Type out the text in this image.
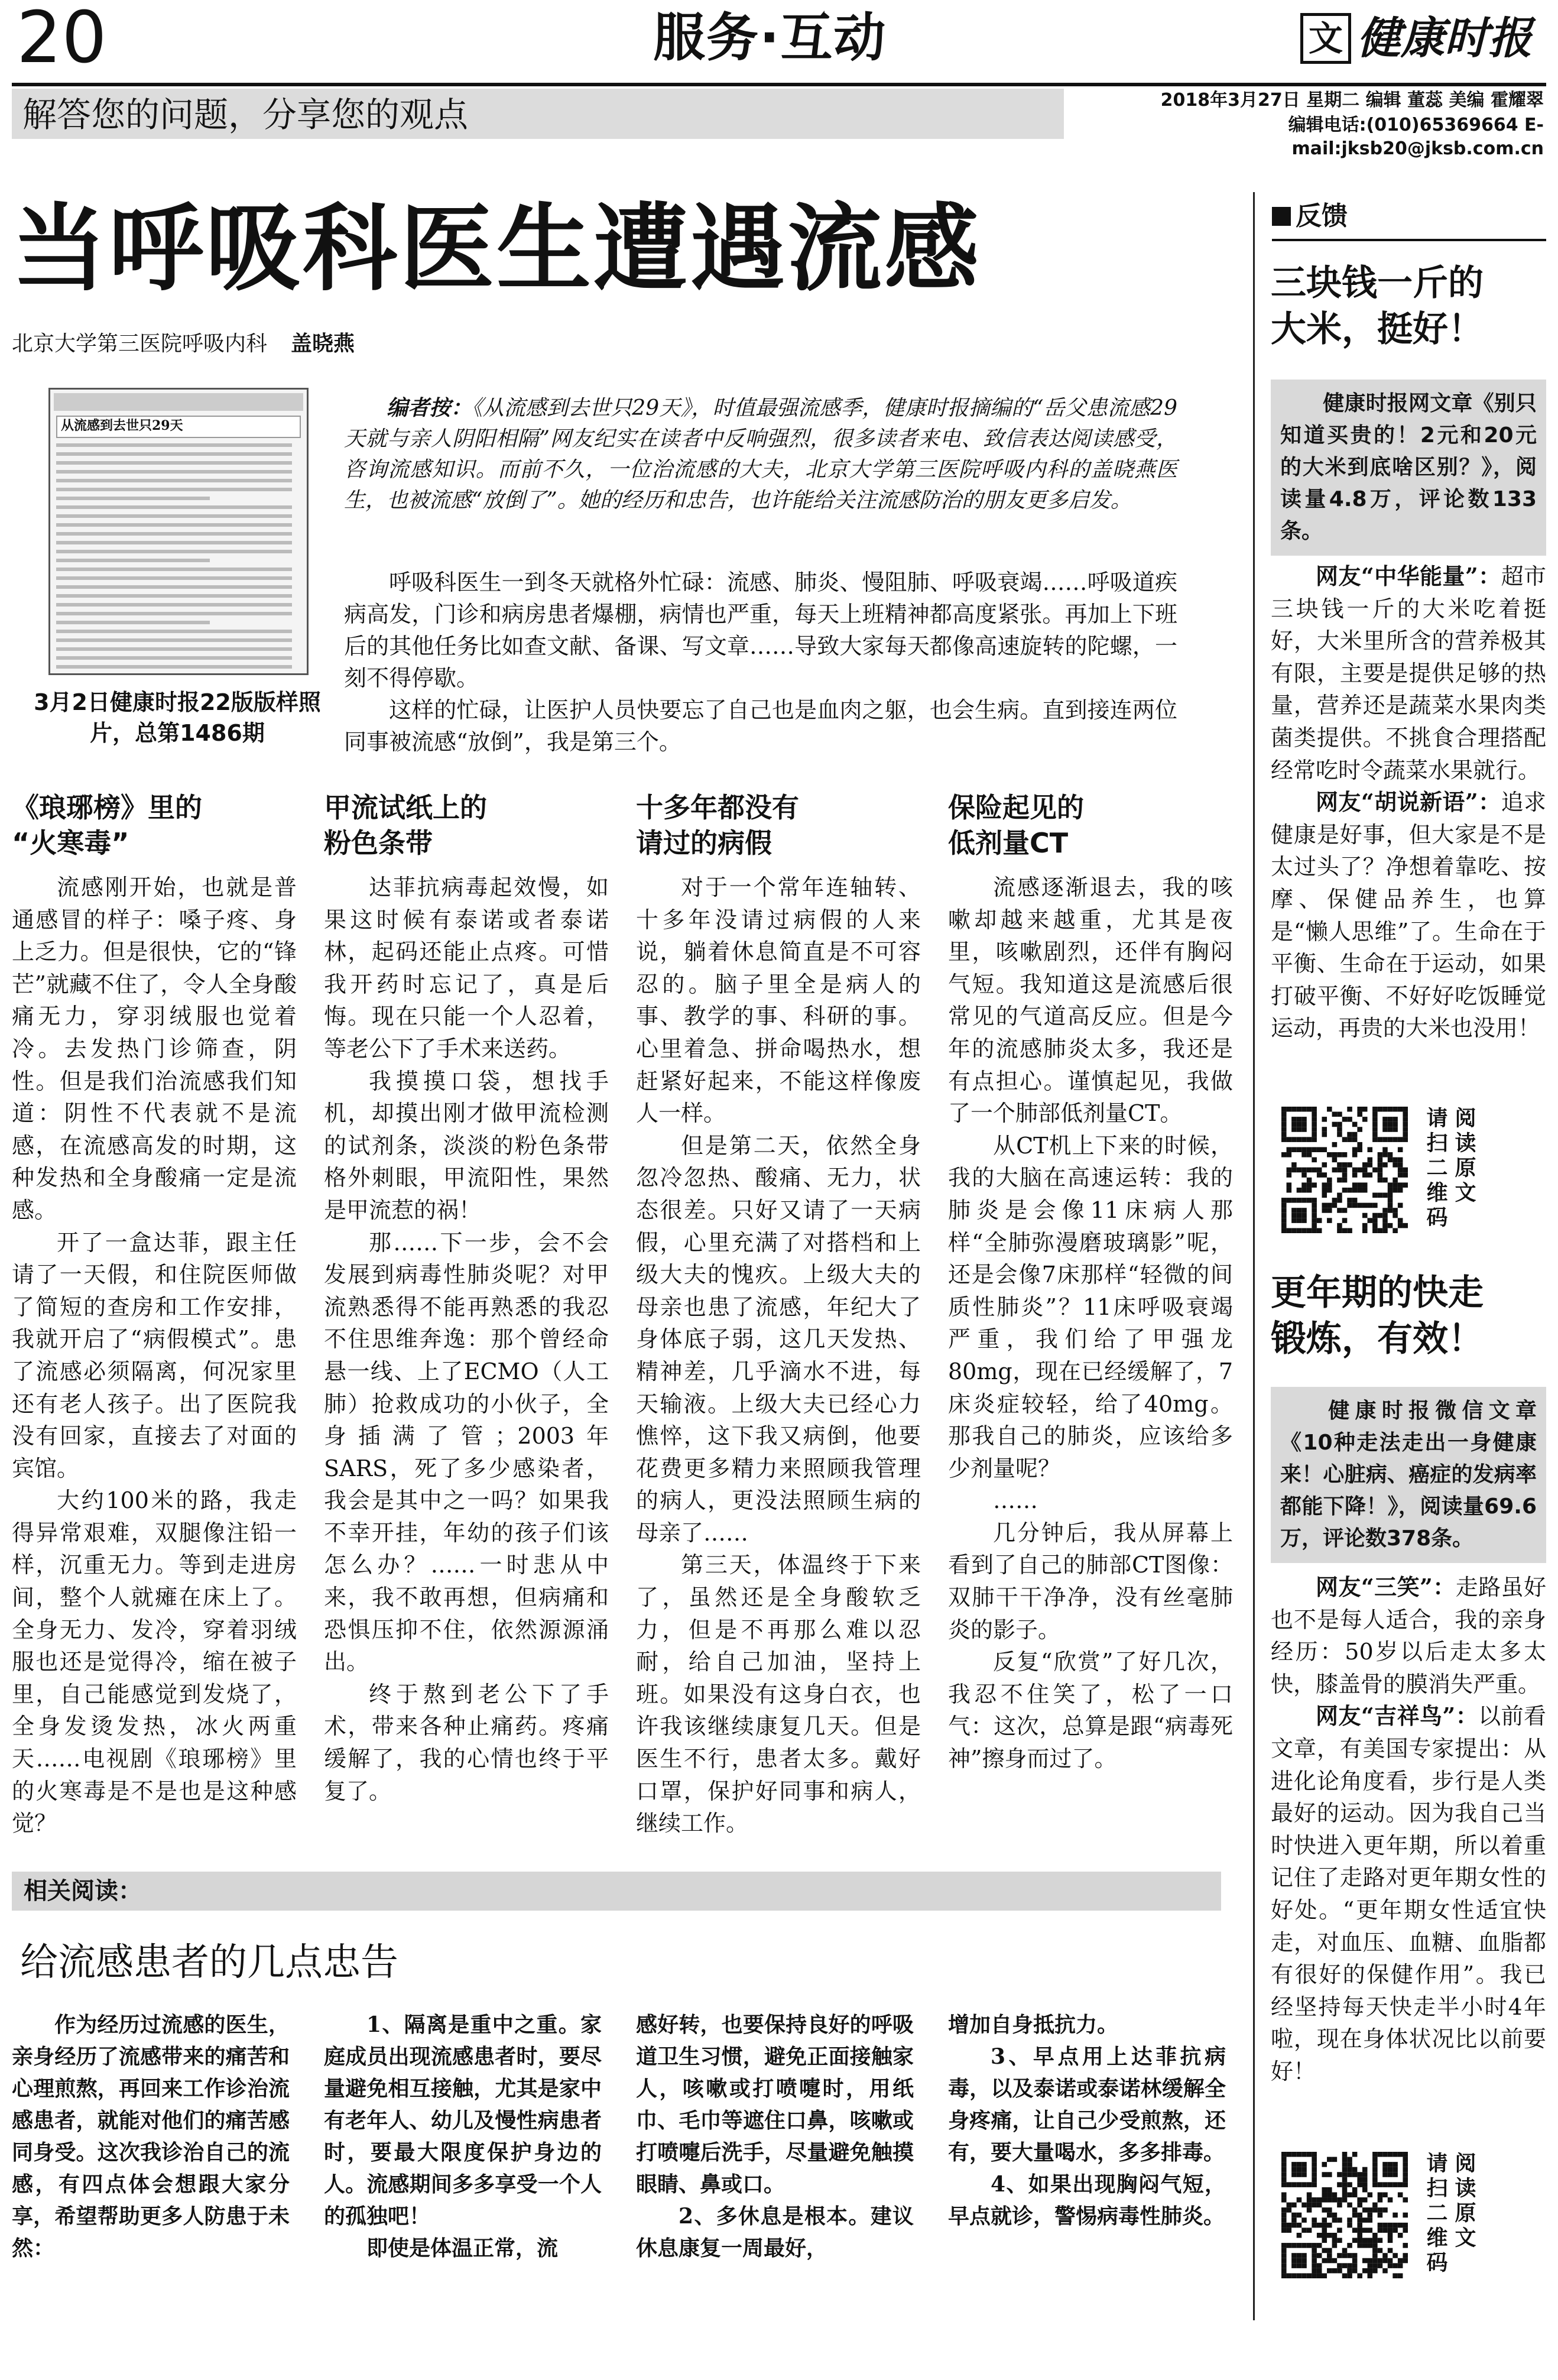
20	服务·互动	文 健康时报
解答您的问题，分享您的观点	2018年3月27日 星期二 编辑 董蕊 美编 霍耀翠
编辑电话:(010)65369664 E-mail:jksb20@jksb.com.cn
当呼吸科医生遭遇流感
北京大学第三医院呼吸内科 盖晓燕
从流感到去世只29天
3月2日健康时报22版版样照片，总第1486期

编者按：《从流感到去世只29天》，时值最强流感季，健康时报摘编的“岳父患流感29天就与亲人阴阳相隔”网友纪实在读者中反响强烈，很多读者来电、致信表达阅读感受，咨询流感知识。而前不久，一位治流感的大夫，北京大学第三医院呼吸内科的盖晓燕医生，也被流感“放倒了”。她的经历和忠告，也许能给关注流感防治的朋友更多启发。

呼吸科医生一到冬天就格外忙碌：流感、肺炎、慢阻肺、呼吸衰竭……呼吸道疾病高发，门诊和病房患者爆棚，病情也严重，每天上班精神都高度紧张。再加上下班后的其他任务比如查文献、备课、写文章……导致大家每天都像高速旋转的陀螺，一刻不得停歇。

这样的忙碌，让医护人员快要忘了自己也是血肉之躯，也会生病。直到接连两位同事被流感“放倒”，我是第三个。

《琅琊榜》里的
“火寒毒”

流感刚开始，也就是普通感冒的样子：嗓子疼、身上乏力。但是很快，它的“锋芒”就藏不住了，令人全身酸痛无力，穿羽绒服也觉着冷。去发热门诊筛查，阴性。但是我们治流感我们知道：阴性不代表就不是流感，在流感高发的时期，这种发热和全身酸痛一定是流感。

开了一盒达菲，跟主任请了一天假，和住院医师做了简短的查房和工作安排，我就开启了“病假模式”。患了流感必须隔离，何况家里还有老人孩子。出了医院我没有回家，直接去了对面的宾馆。

大约100米的路，我走得异常艰难，双腿像注铅一样，沉重无力。等到走进房间，整个人就瘫在床上了。全身无力、发冷，穿着羽绒服也还是觉得冷，缩在被子里，自己能感觉到发烧了，全身发烫发热，冰火两重天……电视剧《琅琊榜》里的火寒毒是不是也是这种感觉？

甲流试纸上的
粉色条带

达菲抗病毒起效慢，如果这时候有泰诺或者泰诺林，起码还能止点疼。可惜我开药时忘记了，真是后悔。现在只能一个人忍着，等老公下了手术来送药。

我摸摸口袋，想找手机，却摸出刚才做甲流检测的试剂条，淡淡的粉色条带格外刺眼，甲流阳性，果然是甲流惹的祸！

那……下一步，会不会发展到病毒性肺炎呢？对甲流熟悉得不能再熟悉的我忍不住思维奔逸：那个曾经命悬一线、上了ECMO（人工肺）抢救成功的小伙子，全身插满了管；2003年SARS，死了多少感染者，我会是其中之一吗？如果我不幸开挂，年幼的孩子们该怎么办？……一时悲从中来，我不敢再想，但病痛和恐惧压抑不住，依然源源涌出。

终于熬到老公下了手术，带来各种止痛药。疼痛缓解了，我的心情也终于平复了。

十多年都没有
请过的病假

对于一个常年连轴转、十多年没请过病假的人来说，躺着休息简直是不可容忍的。脑子里全是病人的事、教学的事、科研的事。心里着急、拼命喝热水，想赶紧好起来，不能这样像废人一样。

但是第二天，依然全身忽冷忽热、酸痛、无力，状态很差。只好又请了一天病假，心里充满了对搭档和上级大夫的愧疚。上级大夫的母亲也患了流感，年纪大了身体底子弱，这几天发热、精神差，几乎滴水不进，每天输液。上级大夫已经心力憔悴，这下我又病倒，他要花费更多精力来照顾我管理的病人，更没法照顾生病的母亲了……

第三天，体温终于下来了，虽然还是全身酸软乏力，但是不再那么难以忍耐，给自己加油，坚持上班。如果没有这身白衣，也许我该继续康复几天。但是医生不行，患者太多。戴好口罩，保护好同事和病人，继续工作。

保险起见的
低剂量CT

流感逐渐退去，我的咳嗽却越来越重，尤其是夜里，咳嗽剧烈，还伴有胸闷气短。我知道这是流感后很常见的气道高反应。但是今年的流感肺炎太多，我还是有点担心。谨慎起见，我做了一个肺部低剂量CT。

从CT机上下来的时候，我的大脑在高速运转：我的肺炎是会像11床病人那样“全肺弥漫磨玻璃影”呢，还是会像7床那样“轻微的间质性肺炎”？11床呼吸衰竭严重，我们给了甲强龙80mg，现在已经缓解了，7床炎症较轻，给了40mg。那我自己的肺炎，应该给多少剂量呢？

……

几分钟后，我从屏幕上看到了自己的肺部CT图像：双肺干干净净，没有丝毫肺炎的影子。

反复“欣赏”了好几次，我忍不住笑了，松了一口气：这次，总算是跟“病毒死神”擦身而过了。

相关阅读：
给流感患者的几点忠告

作为经历过流感的医生，亲身经历了流感带来的痛苦和心理煎熬，再回来工作诊治流感患者，就能对他们的痛苦感同身受。这次我诊治自己的流感，有四点体会想跟大家分享，希望帮助更多人防患于未然：

1、隔离是重中之重。家庭成员出现流感患者时，要尽量避免相互接触，尤其是家中有老年人、幼儿及慢性病患者时，要最大限度保护身边的人。流感期间多多享受一个人的孤独吧！

即使是体温正常，流

感好转，也要保持良好的呼吸道卫生习惯，避免正面接触家人，咳嗽或打喷嚏时，用纸巾、毛巾等遮住口鼻，咳嗽或打喷嚏后洗手，尽量避免触摸眼睛、鼻或口。

2、多休息是根本。建议休息康复一周最好，

增加自身抵抗力。

3、早点用上达菲抗病毒，以及泰诺或泰诺林缓解全身疼痛，让自己少受煎熬，还有，要大量喝水，多多排毒。

4、如果出现胸闷气短，早点就诊，警惕病毒性肺炎。

反馈
三块钱一斤的
大米，挺好！
健康时报网文章《别只知道买贵的！2元和20元的大米到底啥区别？》，阅读量4.8万，评论数133条。

网友“中华能量”：超市三块钱一斤的大米吃着挺好，大米里所含的营养极其有限，主要是提供足够的热量，营养还是蔬菜水果肉类菌类提供。不挑食合理搭配经常吃时令蔬菜水果就行。

网友“胡说新语”：追求健康是好事，但大家是不是太过头了？净想着靠吃、按摩、保健品养生，也算是“懒人思维”了。生命在于平衡、生命在于运动，如果打破平衡、不好好吃饭睡觉运动，再贵的大米也没用！

请扫二维码 阅读原文
更年期的快走
锻炼，有效！
健康时报微信文章《10种走法走出一身健康来！心脏病、癌症的发病率都能下降！》，阅读量69.6万，评论数378条。

网友“三笑”：走路虽好也不是每人适合，我的亲身经历：50岁以后走太多太快，膝盖骨的膜消失严重。

网友“吉祥鸟”：以前看文章，有美国专家提出：从进化论角度看，步行是人类最好的运动。因为我自己当时快进入更年期，所以着重记住了走路对更年期女性的好处。“更年期女性适宜快走，对血压、血糖、血脂都有很好的保健作用”。我已经坚持每天快走半小时4年啦，现在身体状况比以前要好！

请扫二维码 阅读原文
